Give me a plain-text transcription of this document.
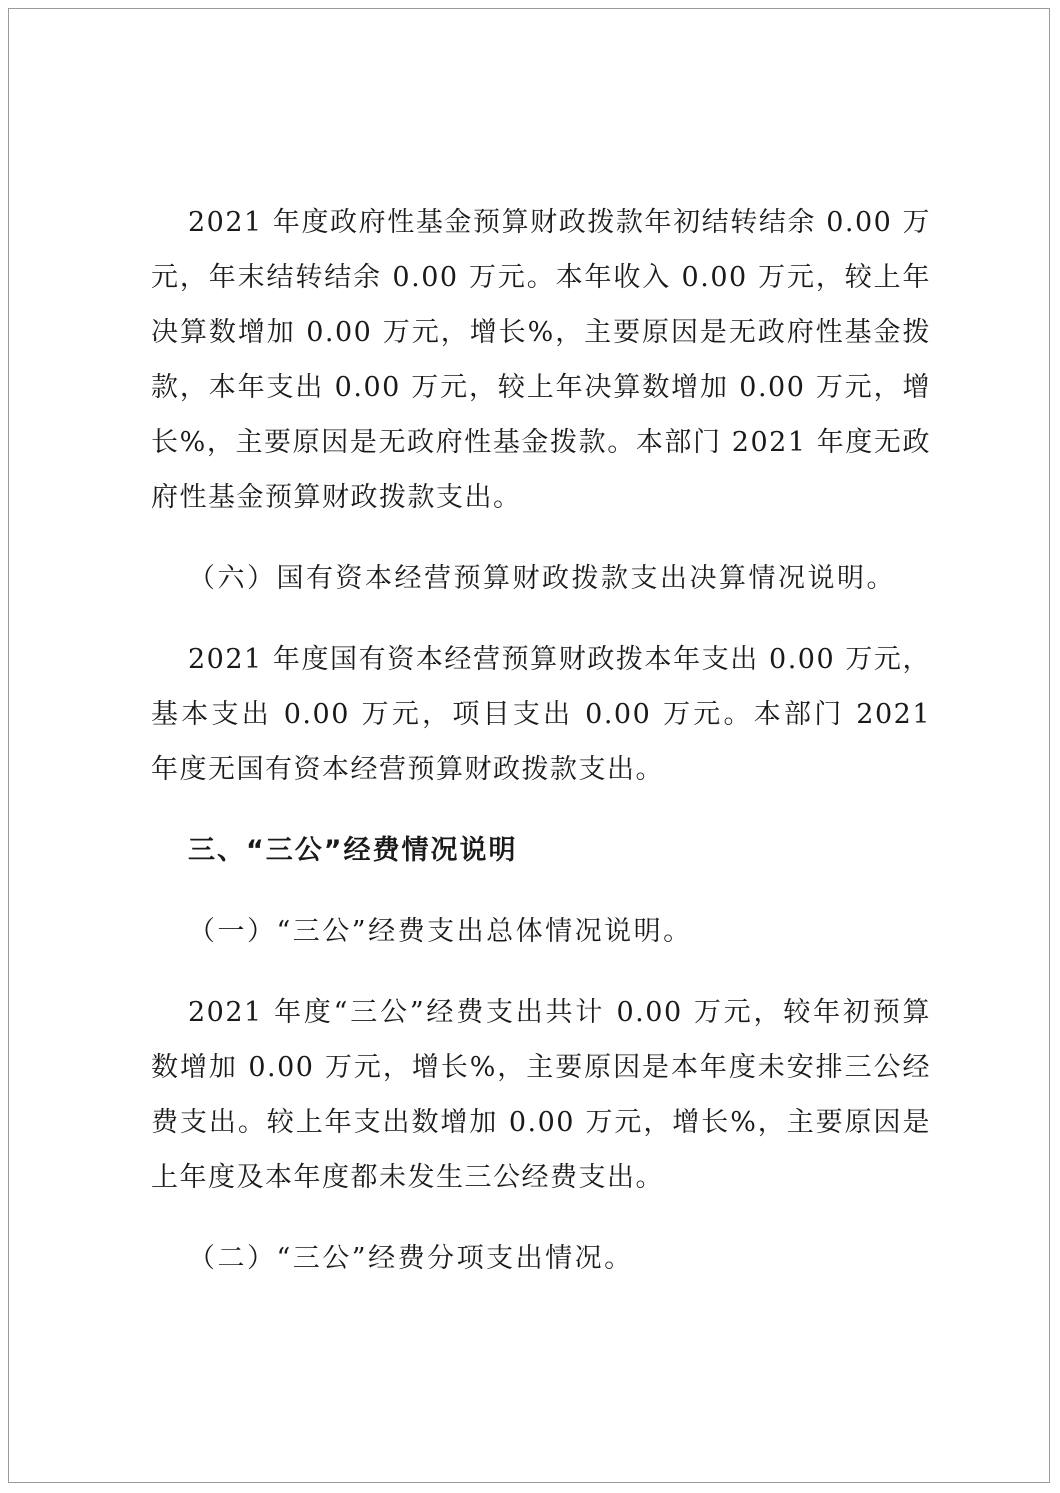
2021 年度政府性基金预算财政拨款年初结转结余 0.00 万元，年末结转结余 0.00 万元。本年收入 0.00 万元，较上年决算数增加 0.00 万元，增长%，主要原因是无政府性基金拨款，本年支出 0.00 万元，较上年决算数增加 0.00 万元，增长%，主要原因是无政府性基金拨款。本部门 2021 年度无政府性基金预算财政拨款支出。

（六）国有资本经营预算财政拨款支出决算情况说明。

2021 年度国有资本经营预算财政拨本年支出 0.00 万元，基本支出 0.00 万元，项目支出 0.00 万元。本部门 2021 年度无国有资本经营预算财政拨款支出。

三、“三公”经费情况说明

（一）“三公”经费支出总体情况说明。

2021 年度“三公”经费支出共计 0.00 万元，较年初预算数增加 0.00 万元，增长%，主要原因是本年度未安排三公经费支出。较上年支出数增加 0.00 万元，增长%，主要原因是上年度及本年度都未发生三公经费支出。

（二）“三公”经费分项支出情况。
